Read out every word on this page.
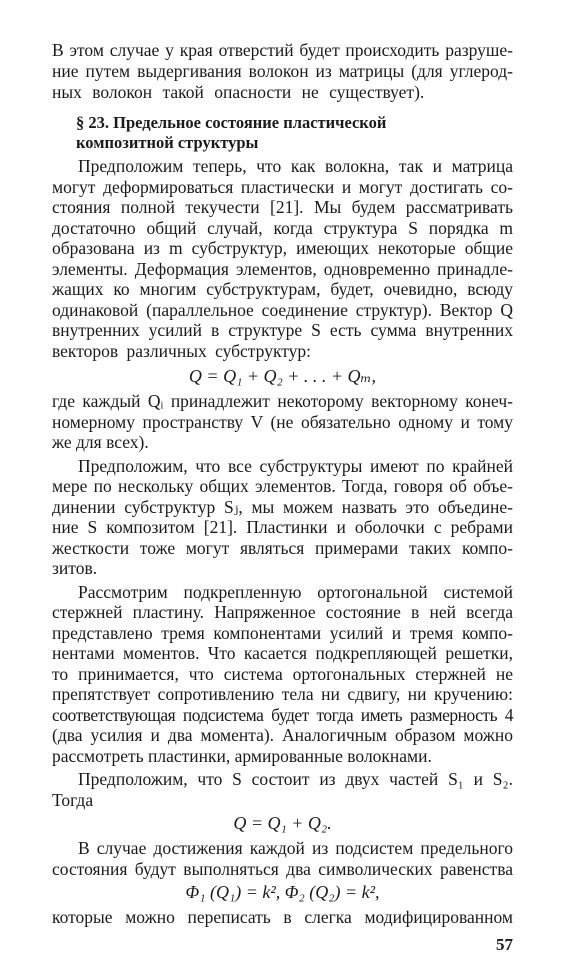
В этом случае у края отверстий будет происходить разруше-
ние путем выдергивания волокон из матрицы (для углерод-
ных волокон такой опасности не существует).
§ 23. Предельное состояние пластической
композитной структуры
Предположим теперь, что как волокна, так и матрица
могут деформироваться пластически и могут достигать со-
стояния полной текучести [21]. Мы будем рассматривать
достаточно общий случай, когда структура S порядка m
образована из m субструктур, имеющих некоторые общие
элементы. Деформация элементов, одновременно принадле-
жащих ко многим субструктурам, будет, очевидно, всюду
одинаковой (параллельное соединение структур). Вектор Q
внутренних усилий в структуре S есть сумма внутренних
векторов различных субструктур:
Q = Q₁ + Q₂ + . . . + Qₘ,
где каждый Qᵢ принадлежит некоторому векторному конеч-
номерному пространству V (не обязательно одному и тому
же для всех).
Предположим, что все субструктуры имеют по крайней
мере по нескольку общих элементов. Тогда, говоря об объе-
динении субструктур Sⱼ, мы можем назвать это объедине-
ние S композитом [21]. Пластинки и оболочки с ребрами
жесткости тоже могут являться примерами таких компо-
зитов.
Рассмотрим подкрепленную ортогональной системой
стержней пластину. Напряженное состояние в ней всегда
представлено тремя компонентами усилий и тремя компо-
нентами моментов. Что касается подкрепляющей решетки,
то принимается, что система ортогональных стержней не
препятствует сопротивлению тела ни сдвигу, ни кручению:
соответствующая подсистема будет тогда иметь размерность 4
(два усилия и два момента). Аналогичным образом можно
рассмотреть пластинки, армированные волокнами.
57
Предположим, что S состоит из двух частей S₁ и S₂.
Тогда
Q = Q₁ + Q₂.
В случае достижения каждой из подсистем предельного
состояния будут выполняться два символических равенства
Φ₁ (Q₁) = k², Φ₂ (Q₂) = k²,
которые можно переписать в слегка модифицированном
